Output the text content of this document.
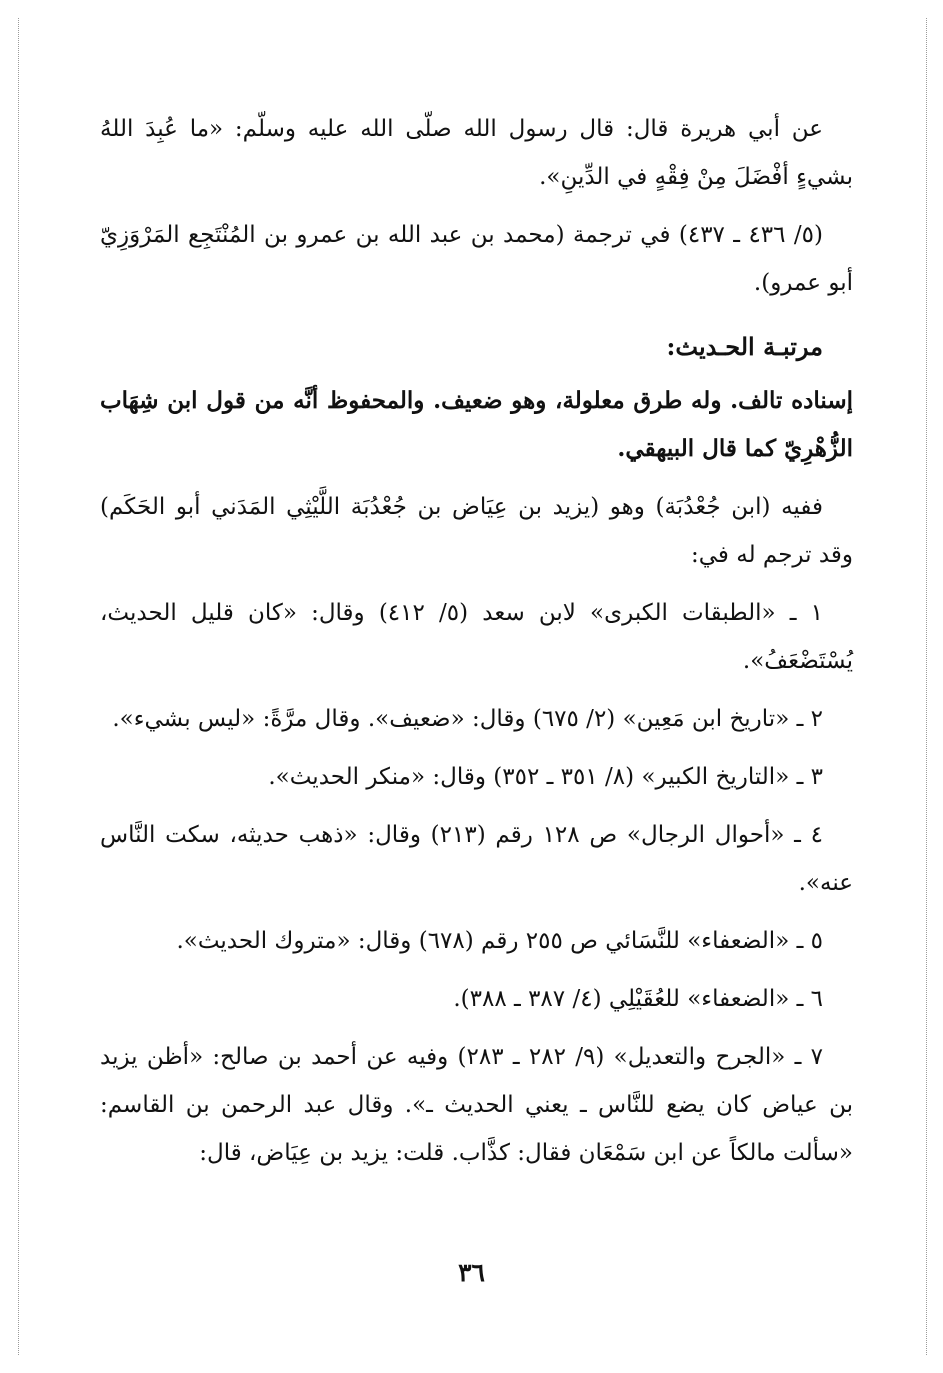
عن أبي هريرة قال: قال رسول الله صلّى الله عليه وسلّم: «ما عُبِدَ اللهُ بشيءٍ أفْضَلَ مِنْ فِقْهٍ في الدِّينِ».

(٥/ ٤٣٦ ـ ٤٣٧) في ترجمة (محمد بن عبد الله بن عمرو بن المُنْتَجِع المَرْوَزِيّ أبو عمرو).

مرتبـة الحـديث:

إسناده تالف. وله طرق معلولة، وهو ضعيف. والمحفوظ أنَّه من قول ابن شِهَاب الزُّهْرِيّ كما قال البيهقي.

ففيه (ابن جُعْدُبَة) وهو (يزيد بن عِيَاض بن جُعْدُبَة اللَّيْثِي المَدَني أبو الحَكَم) وقد ترجم له في:

١ ـ «الطبقات الكبرى» لابن سعد (٥/ ٤١٢) وقال: «كان قليل الحديث، يُسْتَضْعَفُ».

٢ ـ «تاريخ ابن مَعِين» (٢/ ٦٧٥) وقال: «ضعيف». وقال مرَّةً: «ليس بشيء».

٣ ـ «التاريخ الكبير» (٨/ ٣٥١ ـ ٣٥٢) وقال: «منكر الحديث».

٤ ـ «أحوال الرجال» ص ١٢٨ رقم (٢١٣) وقال: «ذهب حديثه، سكت النَّاس عنه».

٥ ـ «الضعفاء» للنَّسَائي ص ٢٥٥ رقم (٦٧٨) وقال: «متروك الحديث».

٦ ـ «الضعفاء» للعُقَيْلِي (٤/ ٣٨٧ ـ ٣٨٨).

٧ ـ «الجرح والتعديل» (٩/ ٢٨٢ ـ ٢٨٣) وفيه عن أحمد بن صالح: «أظن يزيد بن عياض كان يضع للنَّاس ـ يعني الحديث ـ». وقال عبد الرحمن بن القاسم: «سألت مالكاً عن ابن سَمْعَان فقال: كذَّاب. قلت: يزيد بن عِيَاض، قال:

٣٦
